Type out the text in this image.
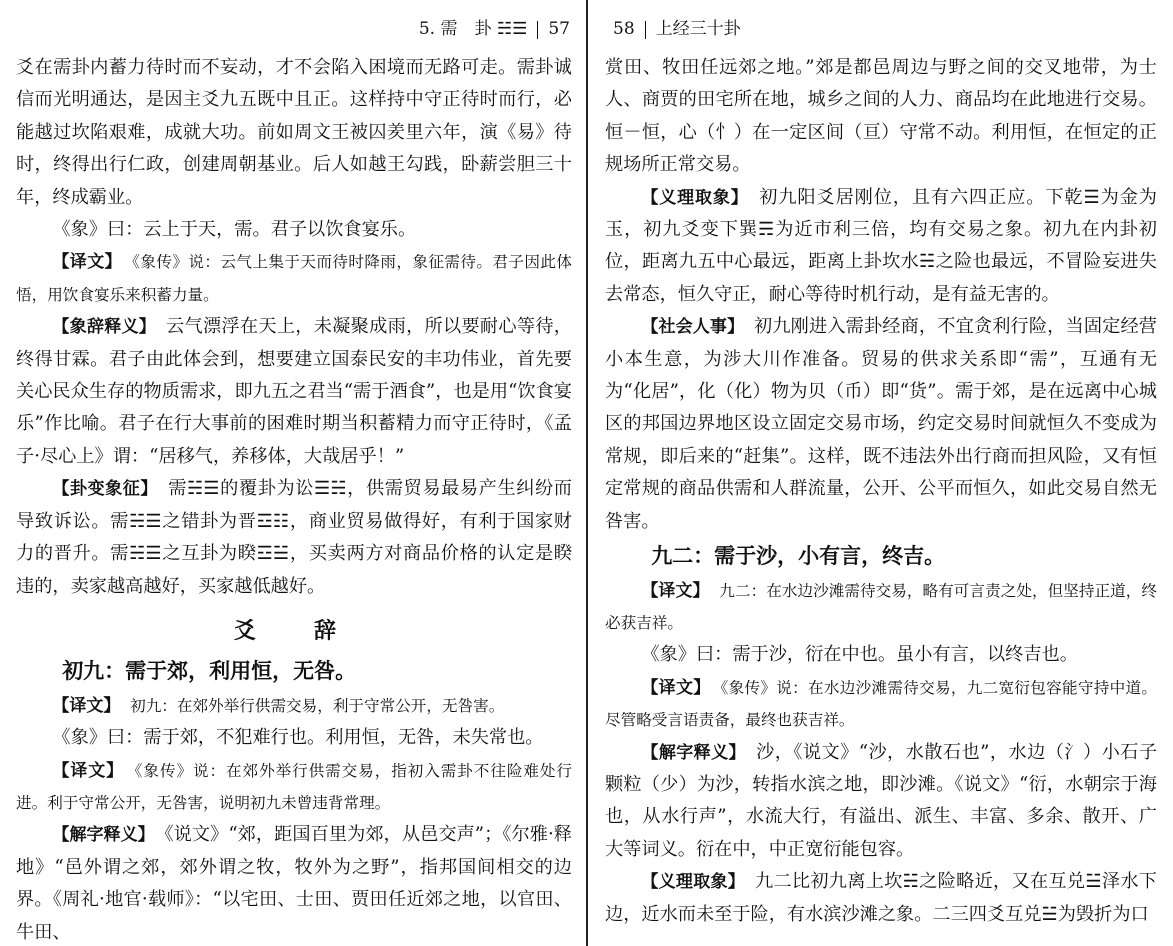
5. 需　卦 ☵☰ 57

爻在需卦内蓄力待时而不妄动，才不会陷入困境而无路可走。需卦诚信而光明通达，是因主爻九五既中且正。这样持中守正待时而行，必能越过坎陷艰难，成就大功。前如周文王被囚羑里六年，演《易》待时，终得出行仁政，创建周朝基业。后人如越王勾践，卧薪尝胆三十年，终成霸业。

《象》曰：云上于天，需。君子以饮食宴乐。

【译文】　 《象传》说：云气上集于天而待时降雨，象征需待。君子因此体悟，用饮食宴乐来积蓄力量。

【象辞释义】　 云气漂浮在天上，未凝聚成雨，所以要耐心等待，终得甘霖。君子由此体会到，想要建立国泰民安的丰功伟业，首先要关心民众生存的物质需求，即九五之君当“需于酒食”，也是用“饮食宴乐”作比喻。君子在行大事前的困难时期当积蓄精力而守正待时，《孟子·尽心上》谓：“居移气，养移体，大哉居乎！”

【卦变象征】　 需☵☰的覆卦为讼☰☵，供需贸易最易产生纠纷而导致诉讼。需☵☰之错卦为晋☲☷，商业贸易做得好，有利于国家财力的晋升。需☵☰之互卦为睽☲☱，买卖两方对商品价格的认定是睽违的，卖家越高越好，买家越低越好。

爻　辞
初九：需于郊，利用恒，无咎。

【译文】　 初九：在郊外举行供需交易，利于守常公开，无咎害。

《象》曰：需于郊，不犯难行也。利用恒，无咎，未失常也。

【译文】　 《象传》说：在郊外举行供需交易，指初入需卦不往险难处行进。利于守常公开，无咎害，说明初九未曾违背常理。

【解字释义】　 《说文》“郊，距国百里为郊，从邑交声”；《尔雅·释地》“邑外谓之郊，郊外谓之牧，牧外为之野”，指邦国间相交的边界。《周礼·地官·载师》：“以宅田、士田、贾田任近郊之地，以官田、牛田、

58 上经三十卦

赏田、牧田任远郊之地。”郊是都邑周边与野之间的交叉地带，为士人、商贾的田宅所在地，城乡之间的人力、商品均在此地进行交易。恒－恒，心（忄）在一定区间（亘）守常不动。利用恒，在恒定的正规场所正常交易。

【义理取象】　 初九阳爻居刚位，且有六四正应。下乾☰为金为玉，初九爻变下巽☴为近市利三倍，均有交易之象。初九在内卦初位，距离九五中心最远，距离上卦坎水☵之险也最远，不冒险妄进失去常态，恒久守正，耐心等待时机行动，是有益无害的。

【社会人事】　 初九刚进入需卦经商，不宜贪利行险，当固定经营小本生意，为涉大川作准备。贸易的供求关系即“需”，互通有无为“化居”，化（化）物为贝（币）即“货”。需于郊，是在远离中心城区的邦国边界地区设立固定交易市场，约定交易时间就恒久不变成为常规，即后来的“赶集”。这样，既不违法外出行商而担风险，又有恒定常规的商品供需和人群流量，公开、公平而恒久，如此交易自然无咎害。

九二：需于沙，小有言，终吉。

【译文】　 九二：在水边沙滩需待交易，略有可言责之处，但坚持正道，终必获吉祥。

《象》曰：需于沙，衍在中也。虽小有言，以终吉也。

【译文】　 《象传》说：在水边沙滩需待交易，九二宽衍包容能守持中道。尽管略受言语责备，最终也获吉祥。

【解字释义】　 沙，《说文》“沙，水散石也”，水边（氵）小石子颗粒（少）为沙，转指水滨之地，即沙滩。《说文》“衍，水朝宗于海也，从水行声”，水流大行，有溢出、派生、丰富、多余、散开、广大等词义。衍在中，中正宽衍能包容。

【义理取象】　 九二比初九离上坎☵之险略近，又在互兑☱泽水下边，近水而未至于险，有水滨沙滩之象。二三四爻互兑☱为毁折为口
